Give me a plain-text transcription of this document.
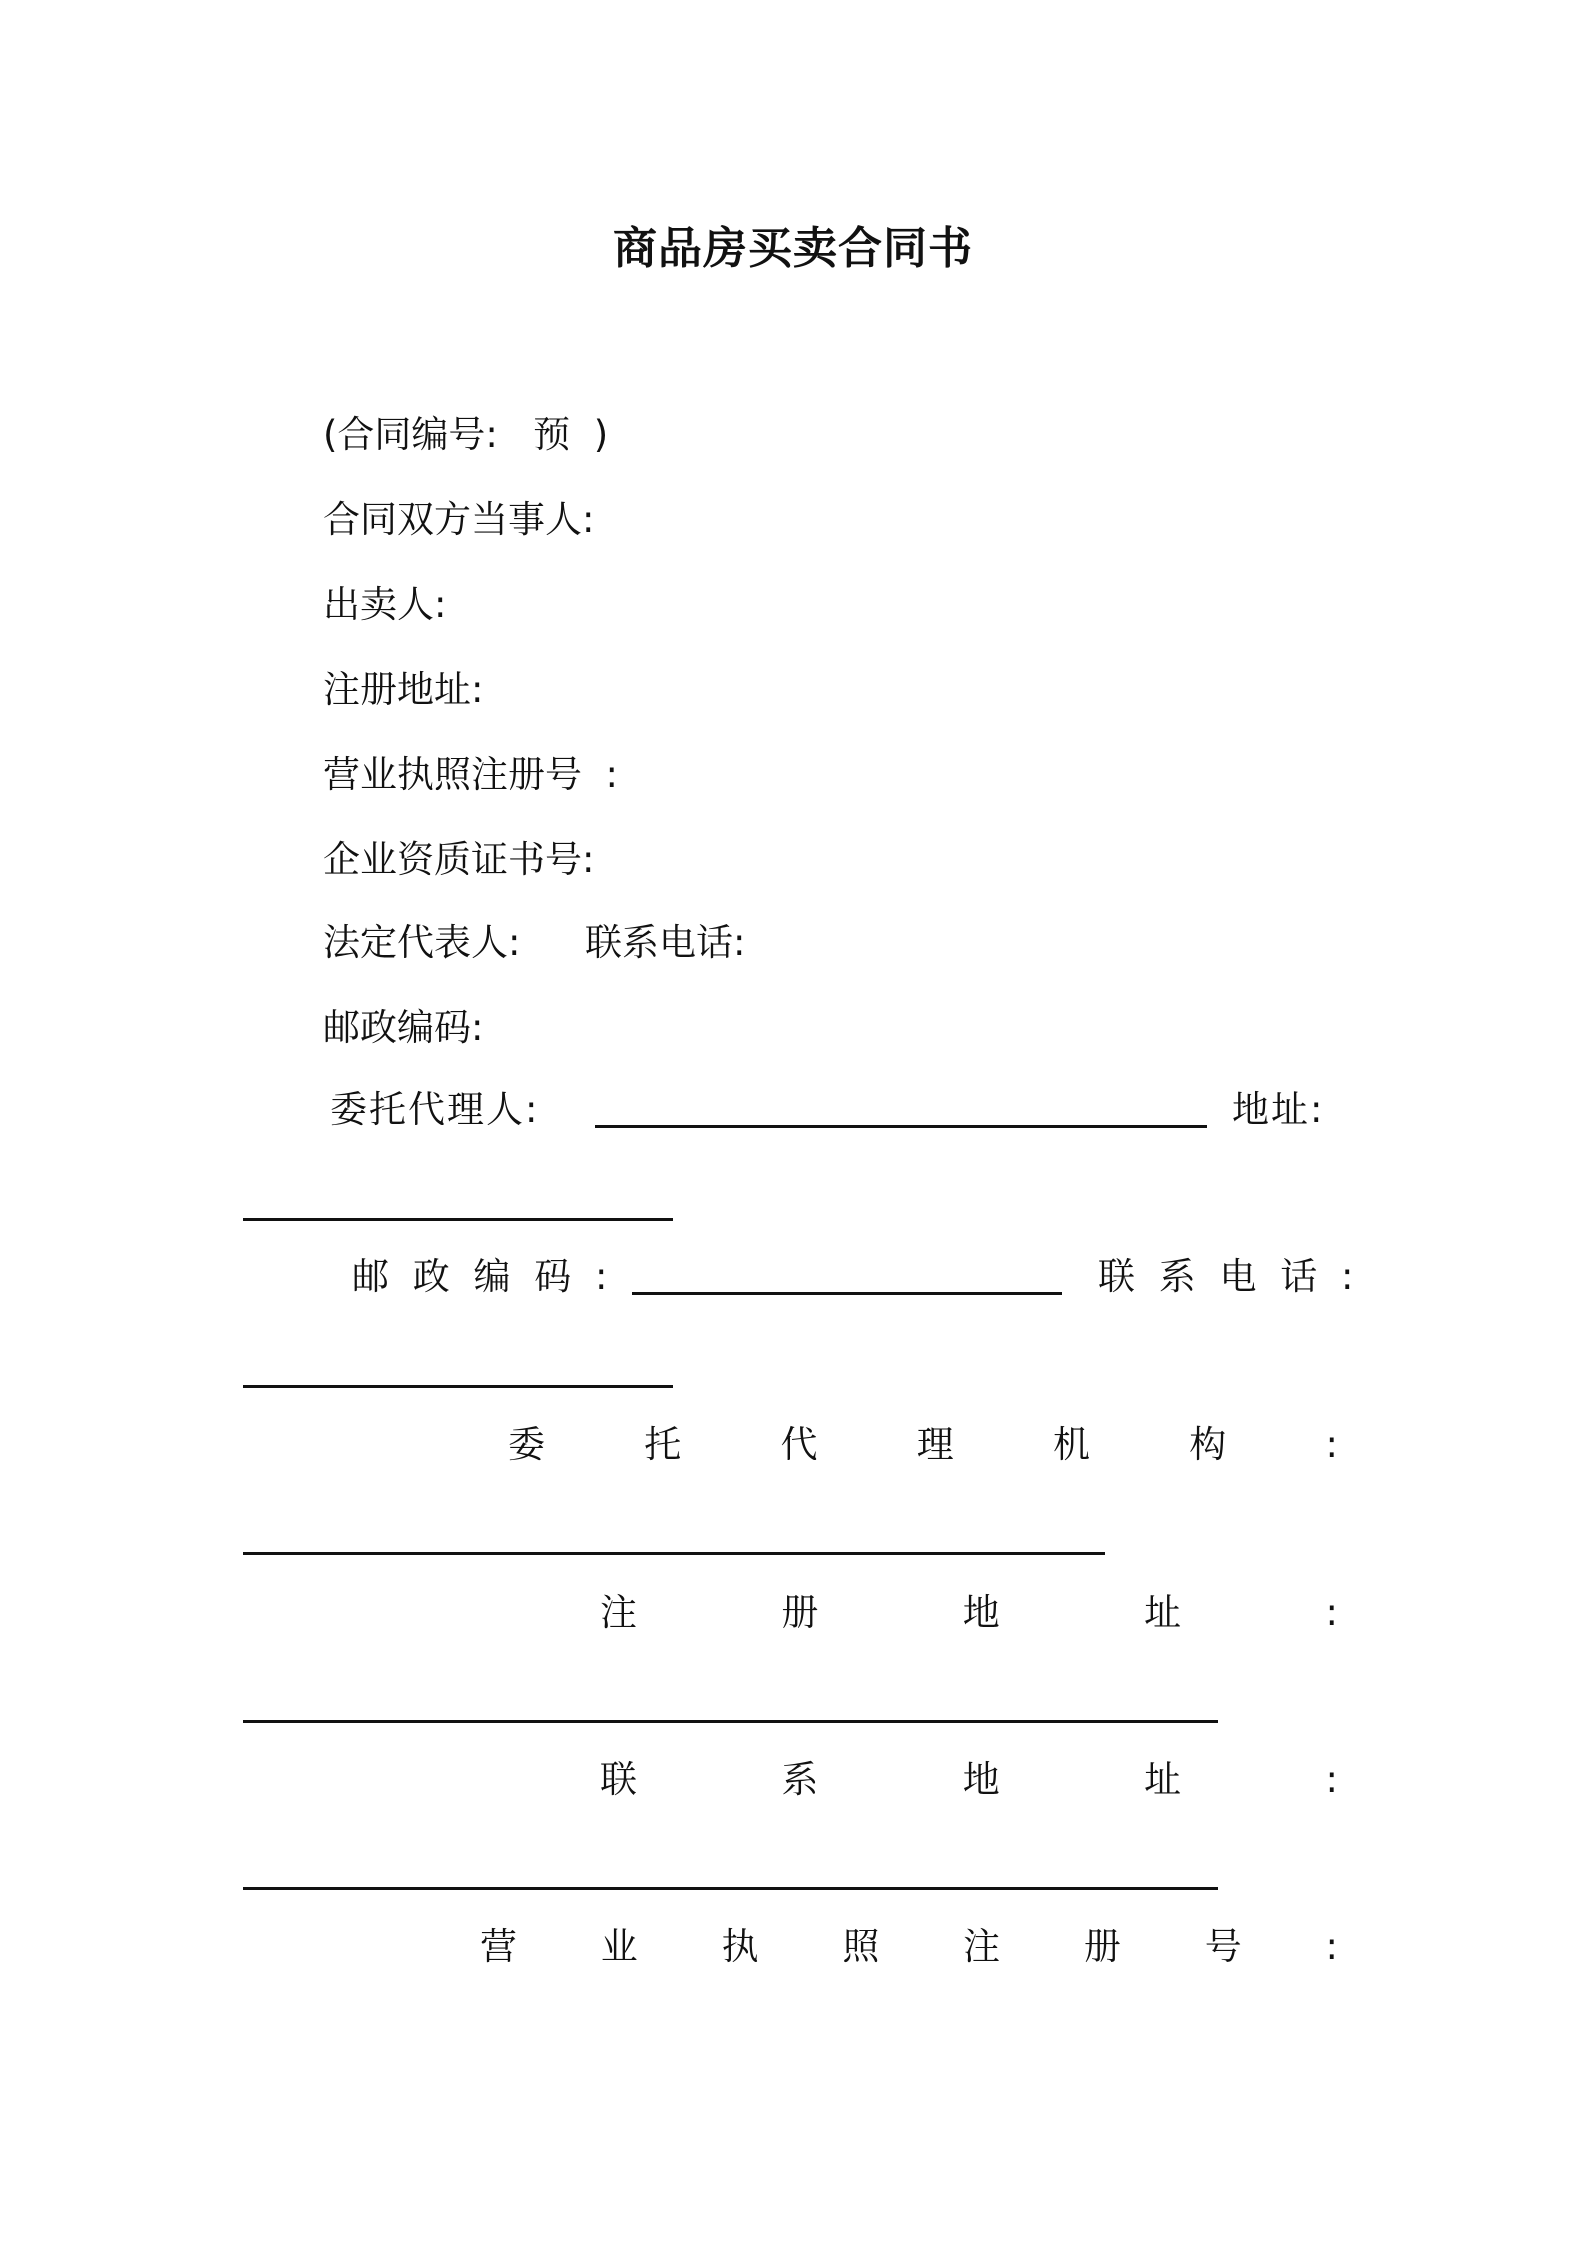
商品房买卖合同书
(合同编号:   预  )
合同双方当事人:
出卖人:
注册地址:
营业执照注册号  :
企业资质证书号:
法定代表人: 联系电话:
邮政编码:
委托代理人:	地址:
邮 政 编 码 :	联 系 电 话 :
委	托	代	理	机	构	:
注	册	地	址	:
联	系	地	址	:
营 业 执 照 注 册 号 :
